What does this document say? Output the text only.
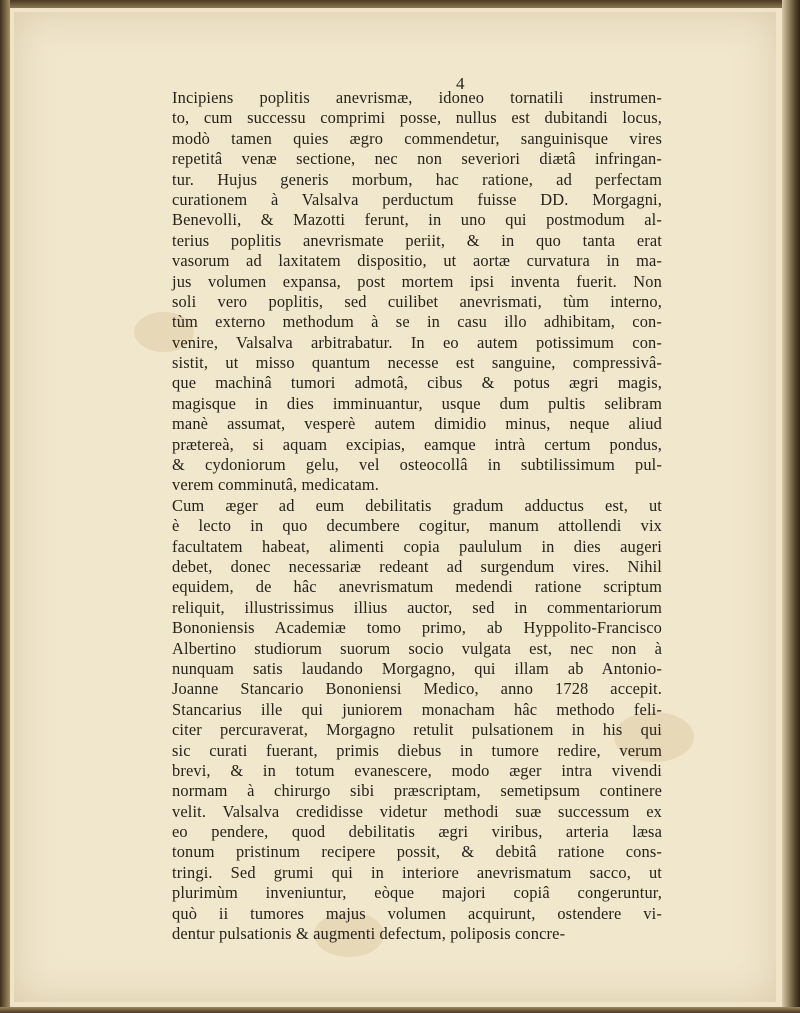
4
Incipiens poplitis anevrismæ, idoneo tornatili instrumen-
to, cum successu comprimi posse, nullus est dubitandi locus,
modò tamen quies ægro commendetur, sanguinisque vires
repetitâ venæ sectione, nec non severiori diætâ infringan-
tur. Hujus generis morbum, hac ratione, ad perfectam
curationem à Valsalva perductum fuisse DD. Morgagni,
Benevolli, & Mazotti ferunt, in uno qui postmodum al-
terius poplitis anevrismate periit, & in quo tanta erat
vasorum ad laxitatem dispositio, ut aortæ curvatura in ma-
jus volumen expansa, post mortem ipsi inventa fuerit. Non
soli vero poplitis, sed cuilibet anevrismati, tùm interno,
tùm externo methodum à se in casu illo adhibitam, con-
venire, Valsalva arbitrabatur. In eo autem potissimum con-
sistit, ut misso quantum necesse est sanguine, compressivâ-
que machinâ tumori admotâ, cibus & potus ægri magis,
magisque in dies imminuantur, usque dum pultis selibram
manè assumat, vesperè autem dimidio minus, neque aliud
prætereà, si aquam excipias, eamque intrà certum pondus,
& cydoniorum gelu, vel osteocollâ in subtilissimum pul-
verem comminutâ, medicatam.
Cum æger ad eum debilitatis gradum adductus est, ut
è lecto in quo decumbere cogitur, manum attollendi vix
facultatem habeat, alimenti copia paululum in dies augeri
debet, donec necessariæ redeant ad surgendum vires. Nihil
equidem, de hâc anevrismatum medendi ratione scriptum
reliquit, illustrissimus illius auctor, sed in commentariorum
Bononiensis Academiæ tomo primo, ab Hyppolito-Francisco
Albertino studiorum suorum socio vulgata est, nec non à
nunquam satis laudando Morgagno, qui illam ab Antonio-
Joanne Stancario Bononiensi Medico, anno 1728 accepit.
Stancarius ille qui juniorem monacham hâc methodo feli-
citer percuraverat, Morgagno retulit pulsationem in his qui
sic curati fuerant, primis diebus in tumore redire, verum
brevi, & in totum evanescere, modo æger intra vivendi
normam à chirurgo sibi præscriptam, semetipsum continere
velit. Valsalva credidisse videtur methodi suæ successum ex
eo pendere, quod debilitatis ægri viribus, arteria læsa
tonum pristinum recipere possit, & debitâ ratione cons-
tringi. Sed grumi qui in interiore anevrismatum sacco, ut
plurimùm inveniuntur, eòque majori copiâ congeruntur,
quò ii tumores majus volumen acquirunt, ostendere vi-
dentur pulsationis & augmenti defectum, poliposis concre-
